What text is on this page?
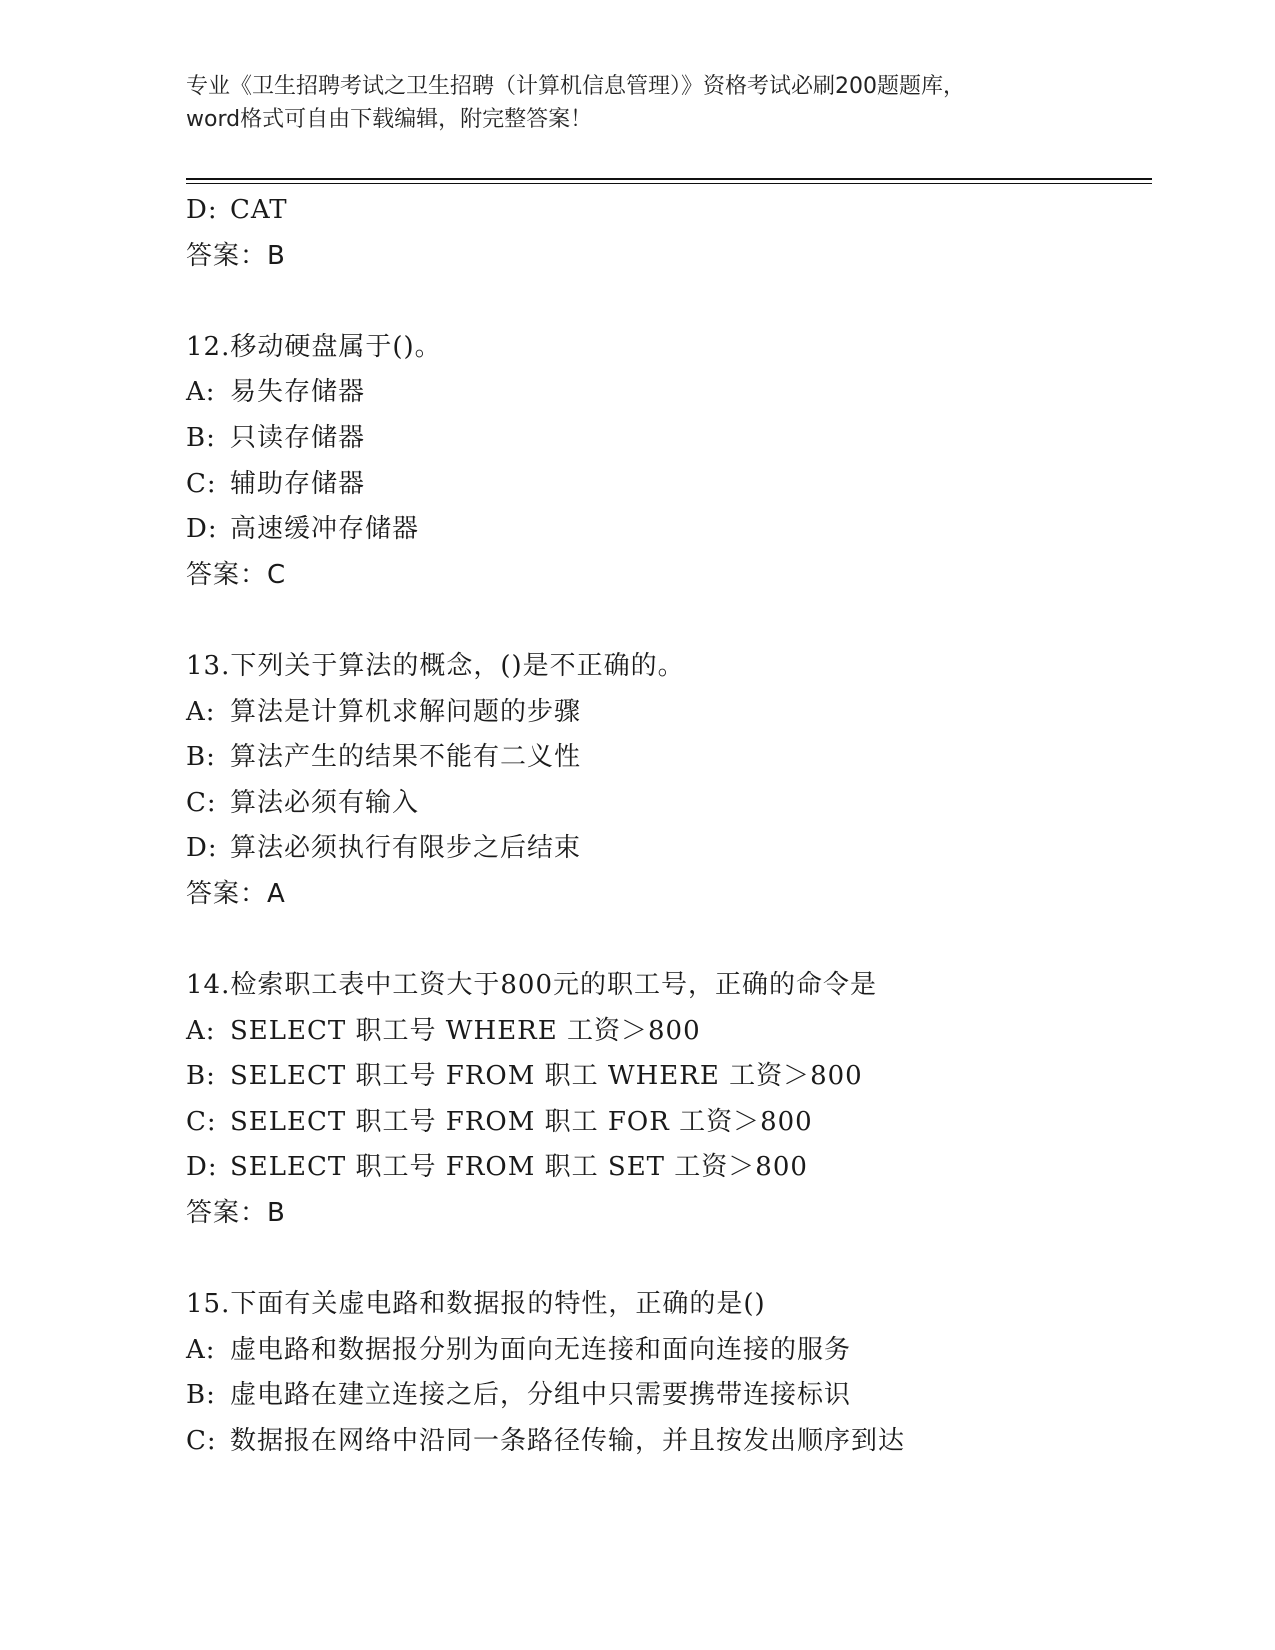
专业《卫生招聘考试之卫生招聘（计算机信息管理）》资格考试必刷200题题库，
word格式可自由下载编辑，附完整答案！
D: CAT
答案：B
12.移动硬盘属于()。
A: 易失存储器
B: 只读存储器
C: 辅助存储器
D: 高速缓冲存储器
答案：C
13.下列关于算法的概念，()是不正确的。
A: 算法是计算机求解问题的步骤
B: 算法产生的结果不能有二义性
C: 算法必须有输入
D: 算法必须执行有限步之后结束
答案：A
14.检索职工表中工资大于800元的职工号，正确的命令是
A: SELECT 职工号 WHERE 工资＞800
B: SELECT 职工号 FROM 职工 WHERE 工资＞800
C: SELECT 职工号 FROM 职工 FOR 工资＞800
D: SELECT 职工号 FROM 职工 SET 工资＞800
答案：B
15.下面有关虚电路和数据报的特性，正确的是()
A: 虚电路和数据报分别为面向无连接和面向连接的服务
B: 虚电路在建立连接之后，分组中只需要携带连接标识
C: 数据报在网络中沿同一条路径传输，并且按发出顺序到达
